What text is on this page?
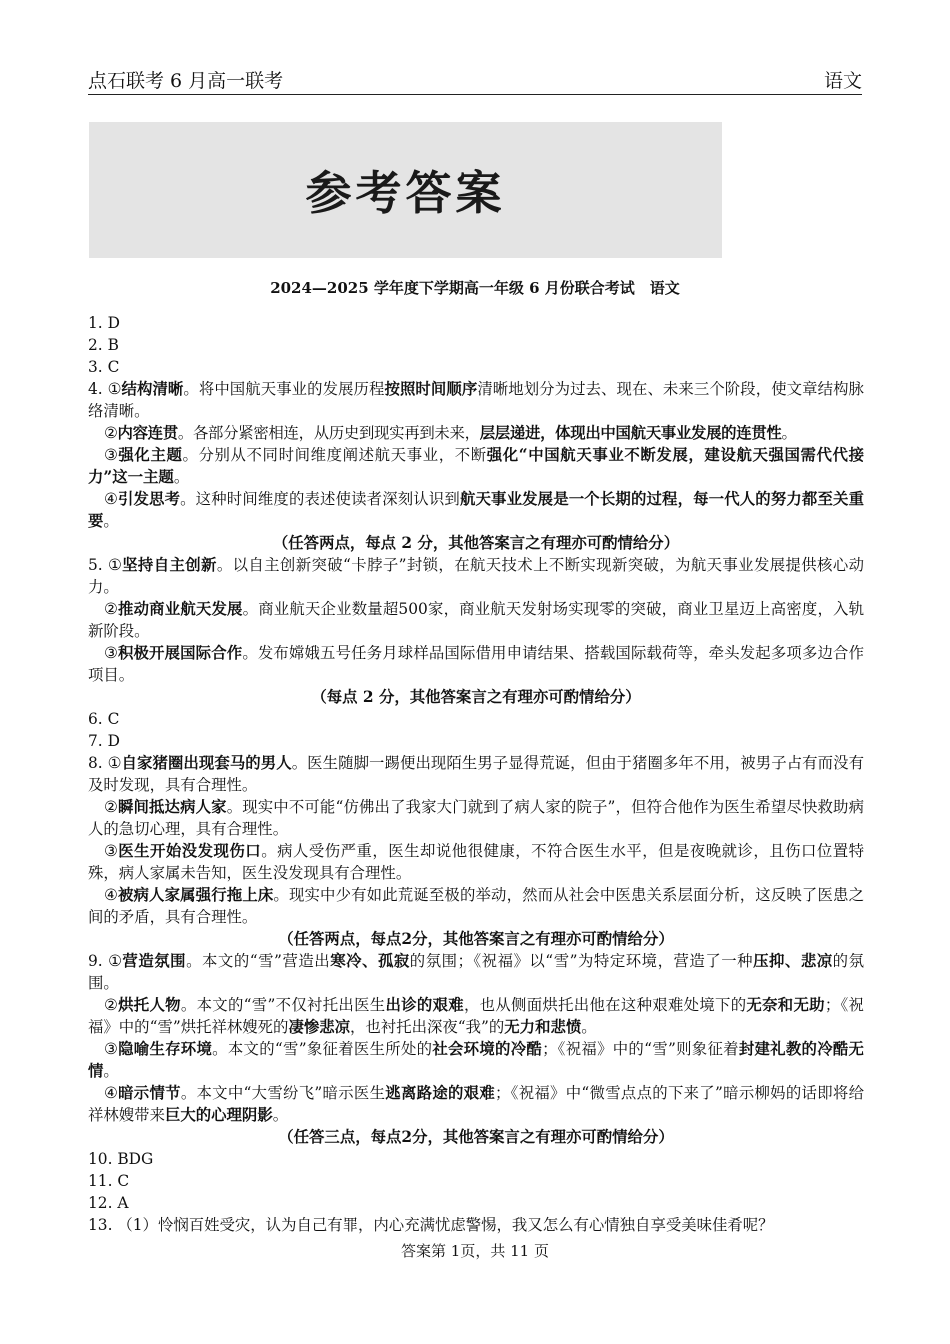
点石联考 6 月高一联考	语文
参考答案
2024—2025 学年度下学期高一年级 6 月份联合考试　语文

1. D

2. B

3. C

4. ①结构清晰。将中国航天事业的发展历程按照时间顺序清晰地划分为过去、现在、未来三个阶段，使文章结构脉络清晰。

②内容连贯。各部分紧密相连，从历史到现实再到未来，层层递进，体现出中国航天事业发展的连贯性。

③强化主题。分别从不同时间维度阐述航天事业，不断强化“中国航天事业不断发展，建设航天强国需代代接力”这一主题。

④引发思考。这种时间维度的表述使读者深刻认识到航天事业发展是一个长期的过程，每一代人的努力都至关重要。

（任答两点，每点 2 分，其他答案言之有理亦可酌情给分）

5. ①坚持自主创新。以自主创新突破“卡脖子”封锁，在航天技术上不断实现新突破，为航天事业发展提供核心动力。

②推动商业航天发展。商业航天企业数量超500家，商业航天发射场实现零的突破，商业卫星迈上高密度，入轨新阶段。

③积极开展国际合作。发布嫦娥五号任务月球样品国际借用申请结果、搭载国际载荷等，牵头发起多项多边合作项目。

（每点 2 分，其他答案言之有理亦可酌情给分）

6. C

7. D

8. ①自家猪圈出现套马的男人。医生随脚一踢便出现陌生男子显得荒诞，但由于猪圈多年不用，被男子占有而没有及时发现，具有合理性。

②瞬间抵达病人家。现实中不可能“仿佛出了我家大门就到了病人家的院子”，但符合他作为医生希望尽快救助病人的急切心理，具有合理性。

③医生开始没发现伤口。病人受伤严重，医生却说他很健康，不符合医生水平，但是夜晚就诊，且伤口位置特殊，病人家属未告知，医生没发现具有合理性。

④被病人家属强行拖上床。现实中少有如此荒诞至极的举动，然而从社会中医患关系层面分析，这反映了医患之间的矛盾，具有合理性。

（任答两点，每点2分，其他答案言之有理亦可酌情给分）

9. ①营造氛围。本文的“雪”营造出寒冷、孤寂的氛围；《祝福》以“雪”为特定环境，营造了一种压抑、悲凉的氛围。

②烘托人物。本文的“雪”不仅衬托出医生出诊的艰难，也从侧面烘托出他在这种艰难处境下的无奈和无助；《祝福》中的“雪”烘托祥林嫂死的凄惨悲凉，也衬托出深夜“我”的无力和悲愤。

③隐喻生存环境。本文的“雪”象征着医生所处的社会环境的冷酷；《祝福》中的“雪”则象征着封建礼教的冷酷无情。

④暗示情节。本文中“大雪纷飞”暗示医生逃离路途的艰难；《祝福》中“微雪点点的下来了”暗示柳妈的话即将给祥林嫂带来巨大的心理阴影。

（任答三点，每点2分，其他答案言之有理亦可酌情给分）

10. BDG

11. C

12. A

13. （1）怜悯百姓受灾，认为自己有罪，内心充满忧虑警惕，我又怎么有心情独自享受美味佳肴呢？

答案第 1页，共 11 页
